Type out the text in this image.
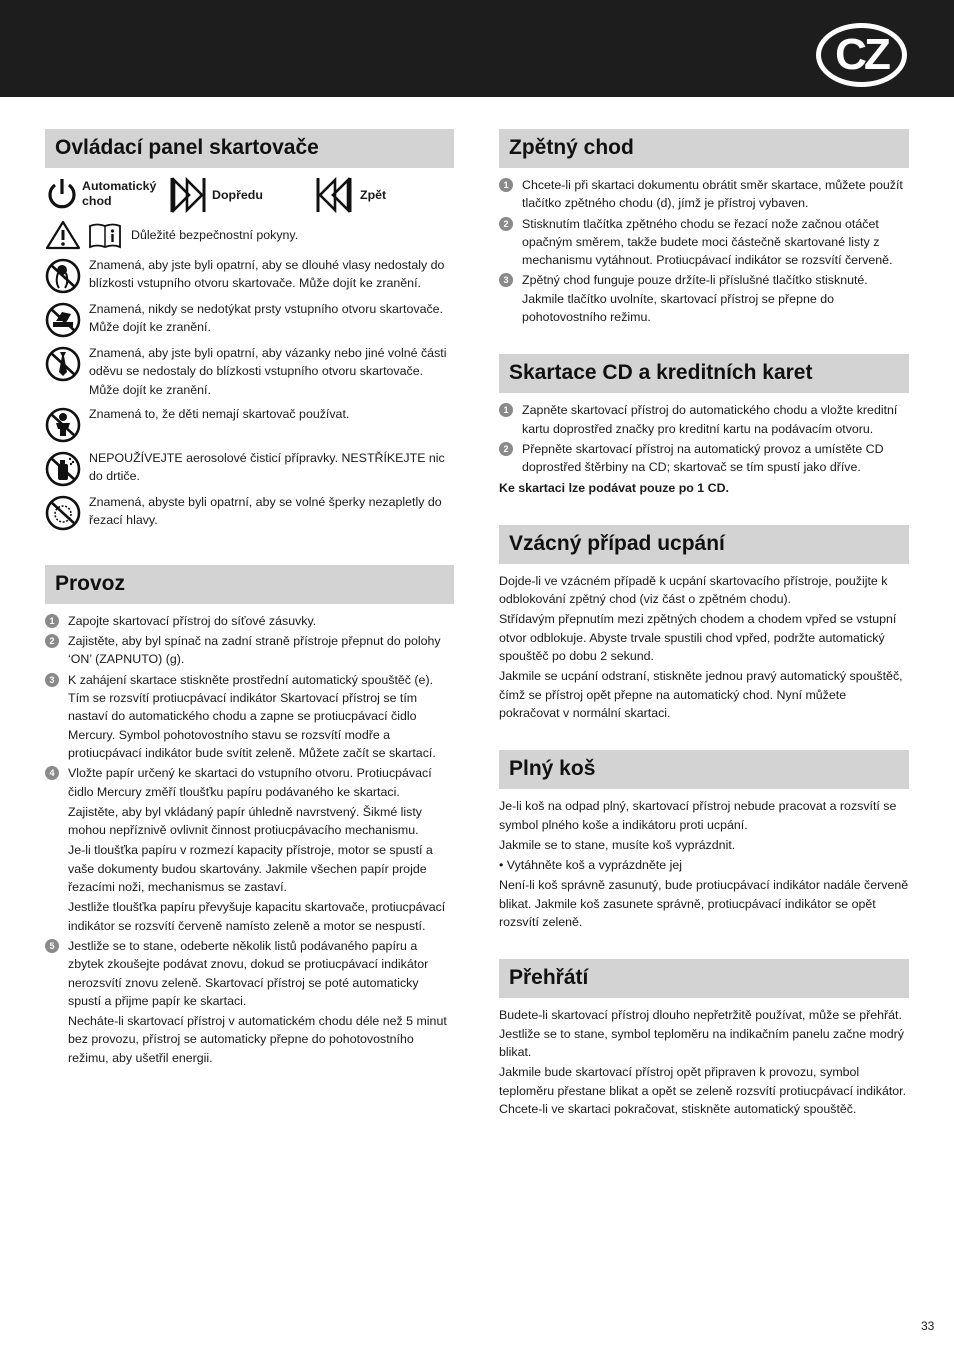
CZ
Ovládací panel skartovače
Automatický chod	Dopředu	Zpět
Důležité bezpečnostní pokyny.

Znamená, aby jste byli opatrní, aby se dlouhé vlasy nedostaly do blízkosti vstupního otvoru skartovače. Může dojít ke zranění.

Znamená, nikdy se nedotýkat prsty vstupního otvoru skartovače. Může dojít ke zranění.

Znamená, aby jste byli opatrní, aby vázanky nebo jiné volné části oděvu se nedostaly do blízkosti vstupního otvoru skartovače. Může dojít ke zranění.

Znamená to, že děti nemají skartovač používat.

NEPOUŽÍVEJTE aerosolové čisticí přípravky. NESTŘÍKEJTE nic do drtiče.

Znamená, abyste byli opatrní, aby se volné šperky nezapletly do řezací hlavy.

Provoz
1	Zapojte skartovací přístroj do síťové zásuvky.
2	Zajistěte, aby byl spínač na zadní straně přístroje přepnut do polohy ‘ON’ (ZAPNUTO) (g).
3	K zahájení skartace stiskněte prostřední automatický spouštěč (e). Tím se rozsvítí protiucpávací indikátor Skartovací přístroj se tím nastaví do automatického chodu a zapne se protiucpávací čidlo Mercury. Symbol pohotovostního stavu se rozsvítí modře a protiucpávací indikátor bude svítit zeleně. Můžete začít se skartací.
4	Vložte papír určený ke skartaci do vstupního otvoru. Protiucpávací čidlo Mercury změří tloušťku papíru podávaného ke skartaci.
Zajistěte, aby byl vkládaný papír úhledně navrstvený. Šikmé listy mohou nepříznivě ovlivnit činnost protiucpávacího mechanismu.
Je-li tloušťka papíru v rozmezí kapacity přístroje, motor se spustí a vaše dokumenty budou skartovány. Jakmile všechen papír projde řezacími noži, mechanismus se zastaví.
Jestliže tloušťka papíru převyšuje kapacitu skartovače, protiucpávací indikátor se rozsvítí červeně namísto zeleně a motor se nespustí.
5	Jestliže se to stane, odeberte několik listů podávaného papíru a zbytek zkoušejte podávat znovu, dokud se protiucpávací indikátor nerozsvítí znovu zeleně. Skartovací přístroj se poté automaticky spustí a přijme papír ke skartaci.
Necháte-li skartovací přístroj v automatickém chodu déle než 5 minut bez provozu, přístroj se automaticky přepne do pohotovostního režimu, aby ušetřil energii.
Zpětný chod
1	Chcete-li při skartaci dokumentu obrátit směr skartace, můžete použít tlačítko zpětného chodu (d), jímž je přístroj vybaven.
2	Stisknutím tlačítka zpětného chodu se řezací nože začnou otáčet opačným směrem, takže budete moci částečně skartované listy z mechanismu vytáhnout. Protiucpávací indikátor se rozsvítí červeně.
3	Zpětný chod funguje pouze držíte-li příslušné tlačítko stisknuté. Jakmile tlačítko uvolníte, skartovací přístroj se přepne do pohotovostního režimu.
Skartace CD a kreditních karet
1	Zapněte skartovací přístroj do automatického chodu a vložte kreditní kartu doprostřed značky pro kreditní kartu na podávacím otvoru.
2	Přepněte skartovací přístroj na automatický provoz a umístěte CD doprostřed štěrbiny na CD; skartovač se tím spustí jako dříve.

Ke skartaci lze podávat pouze po 1 CD.

Vzácný případ ucpání

Dojde-li ve vzácném případě k ucpání skartovacího přístroje, použijte k odblokování zpětný chod (viz část o zpětném chodu).

Střídavým přepnutím mezi zpětných chodem a chodem vpřed se vstupní otvor odblokuje. Abyste trvale spustili chod vpřed, podržte automatický spouštěč po dobu 2 sekund.

Jakmile se ucpání odstraní, stiskněte jednou pravý automatický spouštěč, čímž se přístroj opět přepne na automatický chod. Nyní můžete pokračovat v normální skartaci.

Plný koš

Je-li koš na odpad plný, skartovací přístroj nebude pracovat a rozsvítí se symbol plného koše a indikátoru proti ucpání.

Jakmile se to stane, musíte koš vyprázdnit.

• Vytáhněte koš a vyprázdněte jej

Není-li koš správně zasunutý, bude protiucpávací indikátor nadále červeně blikat. Jakmile koš zasunete správně, protiucpávací indikátor se opět rozsvítí zeleně.

Přehřátí

Budete-li skartovací přístroj dlouho nepřetržitě používat, může se přehřát. Jestliže se to stane, symbol teploměru na indikačním panelu začne modrý blikat.

Jakmile bude skartovací přístroj opět připraven k provozu, symbol teploměru přestane blikat a opět se zeleně rozsvítí protiucpávací indikátor. Chcete-li ve skartaci pokračovat, stiskněte automatický spouštěč.

33
